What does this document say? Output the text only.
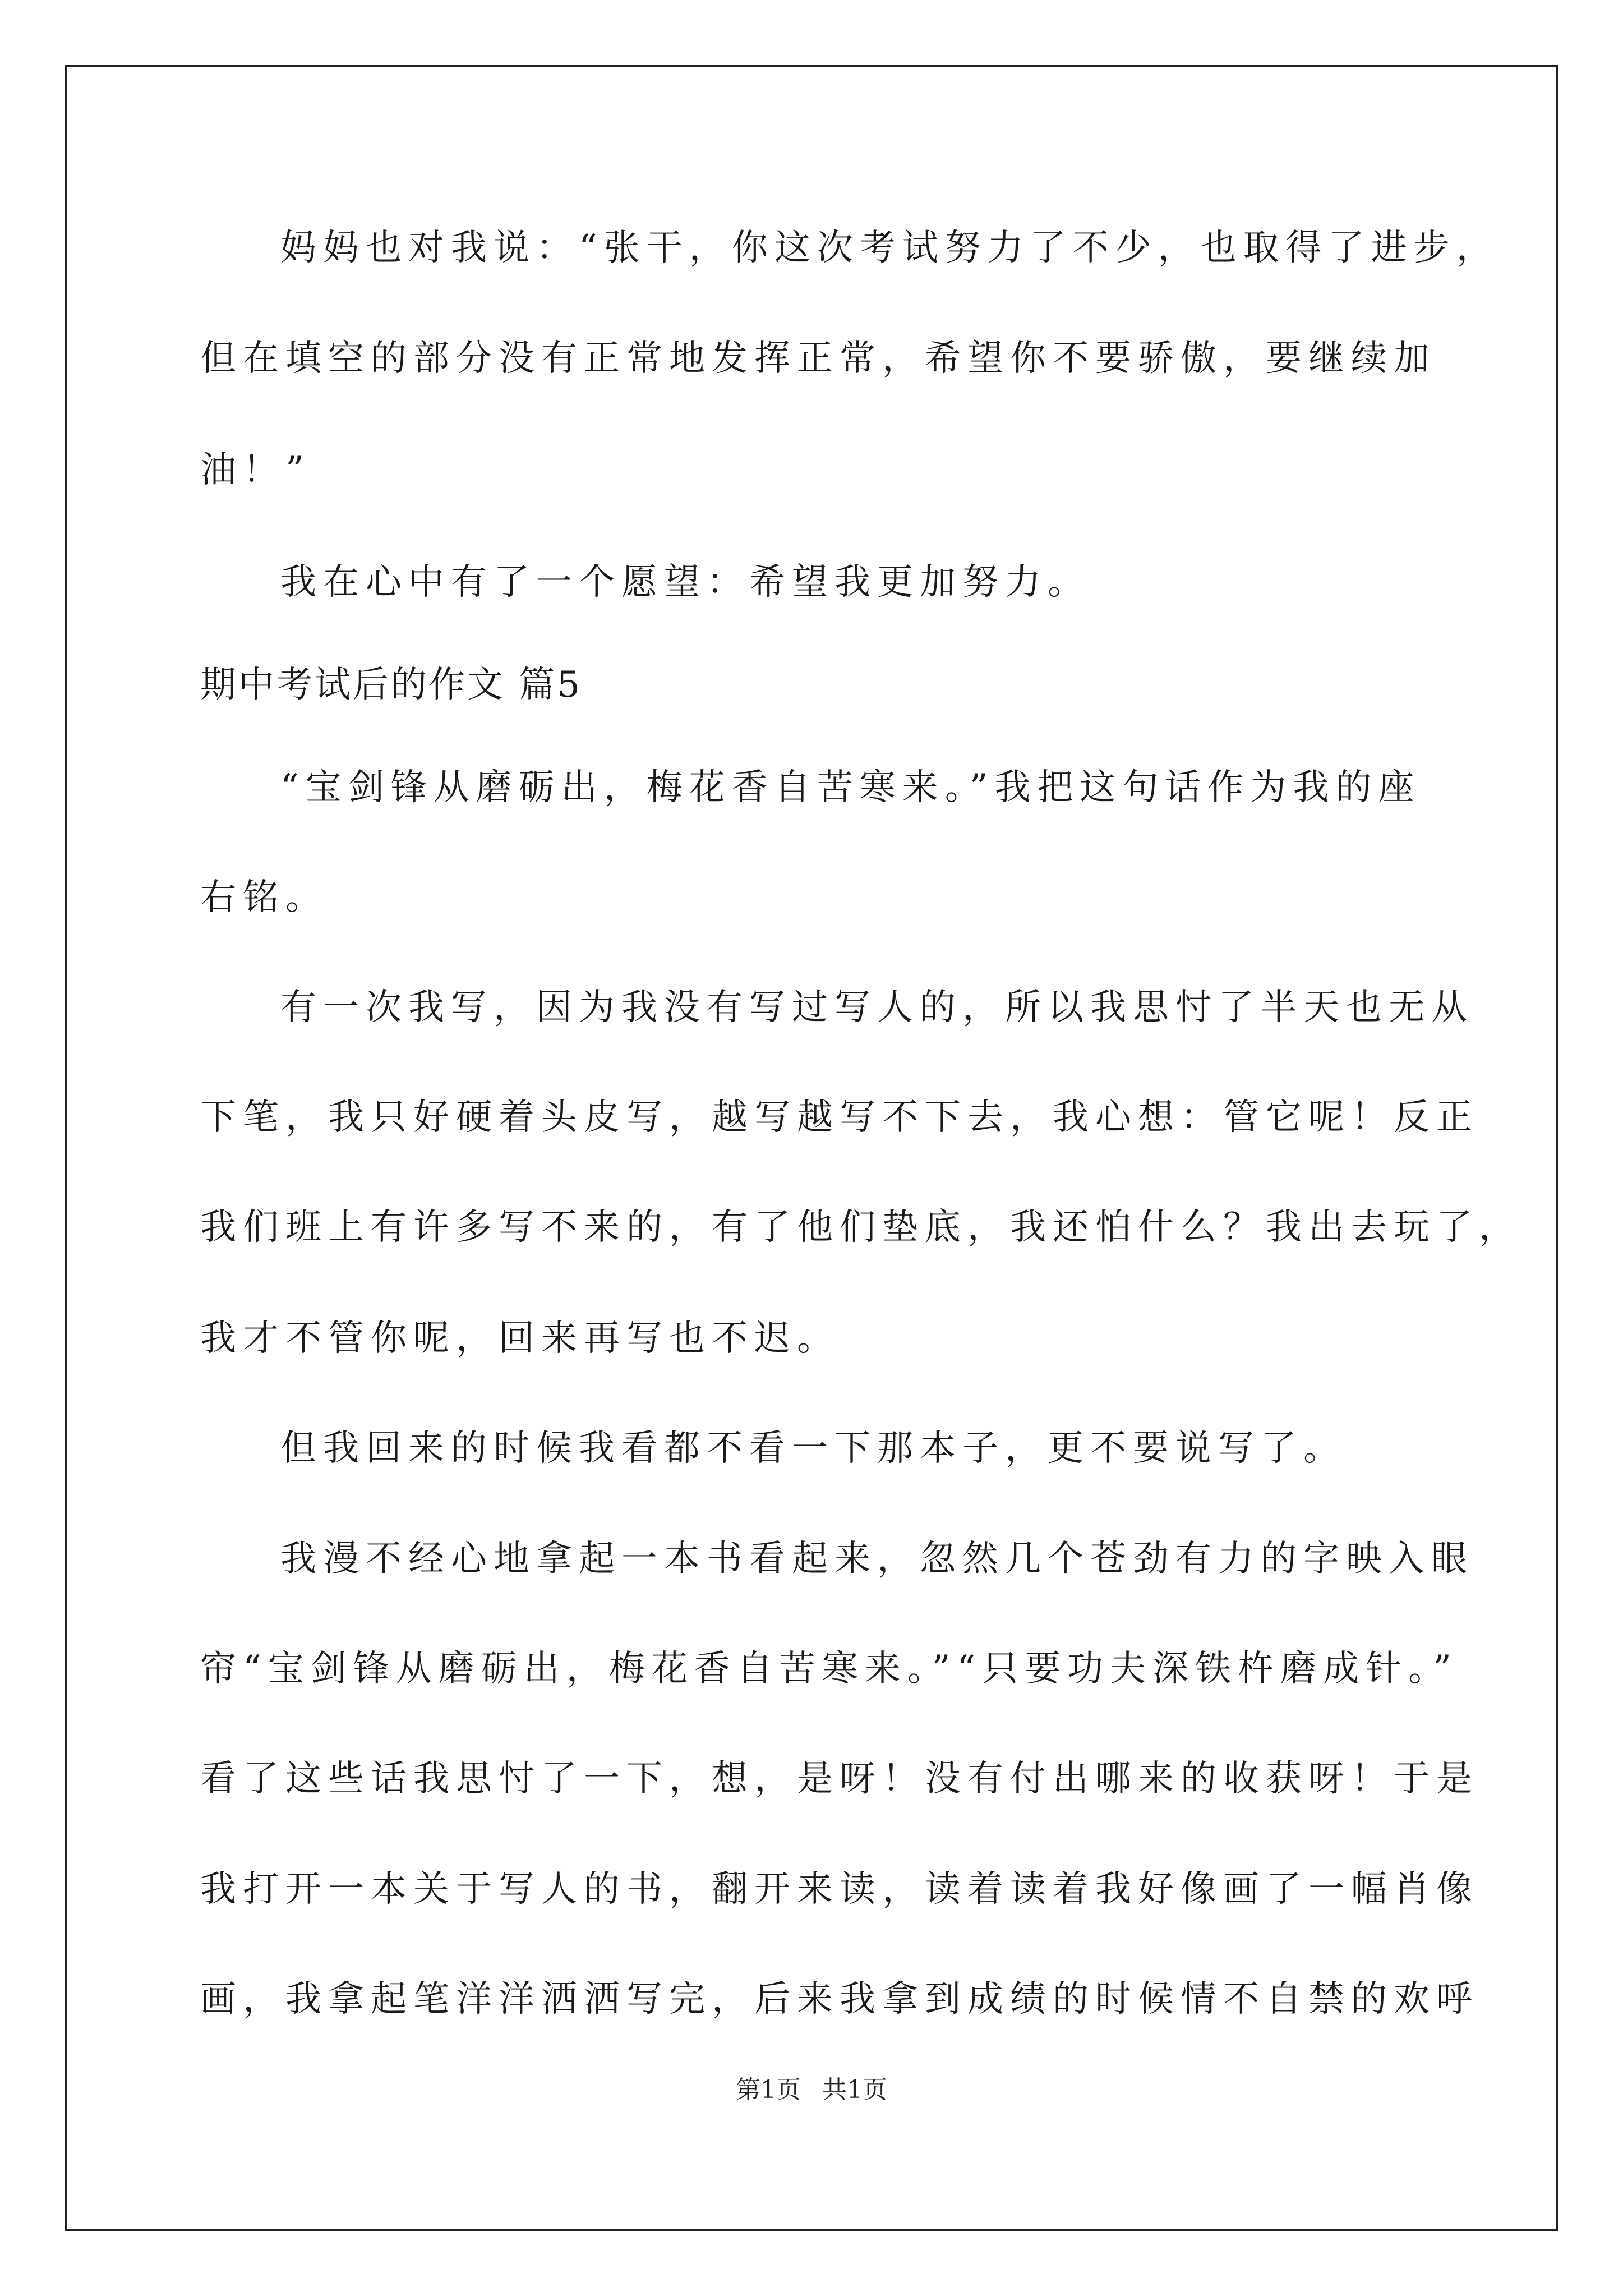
妈妈也对我说：“张干，你这次考试努力了不少，也取得了进步，
但在填空的部分没有正常地发挥正常，希望你不要骄傲，要继续加
油！”
我在心中有了一个愿望：希望我更加努力。
期中考试后的作文 篇5
“宝剑锋从磨砺出，梅花香自苦寒来。”我把这句话作为我的座
右铭。
有一次我写，因为我没有写过写人的，所以我思忖了半天也无从
下笔，我只好硬着头皮写，越写越写不下去，我心想：管它呢！反正
我们班上有许多写不来的，有了他们垫底，我还怕什么？我出去玩了，
我才不管你呢，回来再写也不迟。
但我回来的时候我看都不看一下那本子，更不要说写了。
我漫不经心地拿起一本书看起来，忽然几个苍劲有力的字映入眼
帘“宝剑锋从磨砺出，梅花香自苦寒来。”“只要功夫深铁杵磨成针。”
看了这些话我思忖了一下，想，是呀！没有付出哪来的收获呀！于是
我打开一本关于写人的书，翻开来读，读着读着我好像画了一幅肖像
画，我拿起笔洋洋洒洒写完，后来我拿到成绩的时候情不自禁的欢呼
第1页 共1页
